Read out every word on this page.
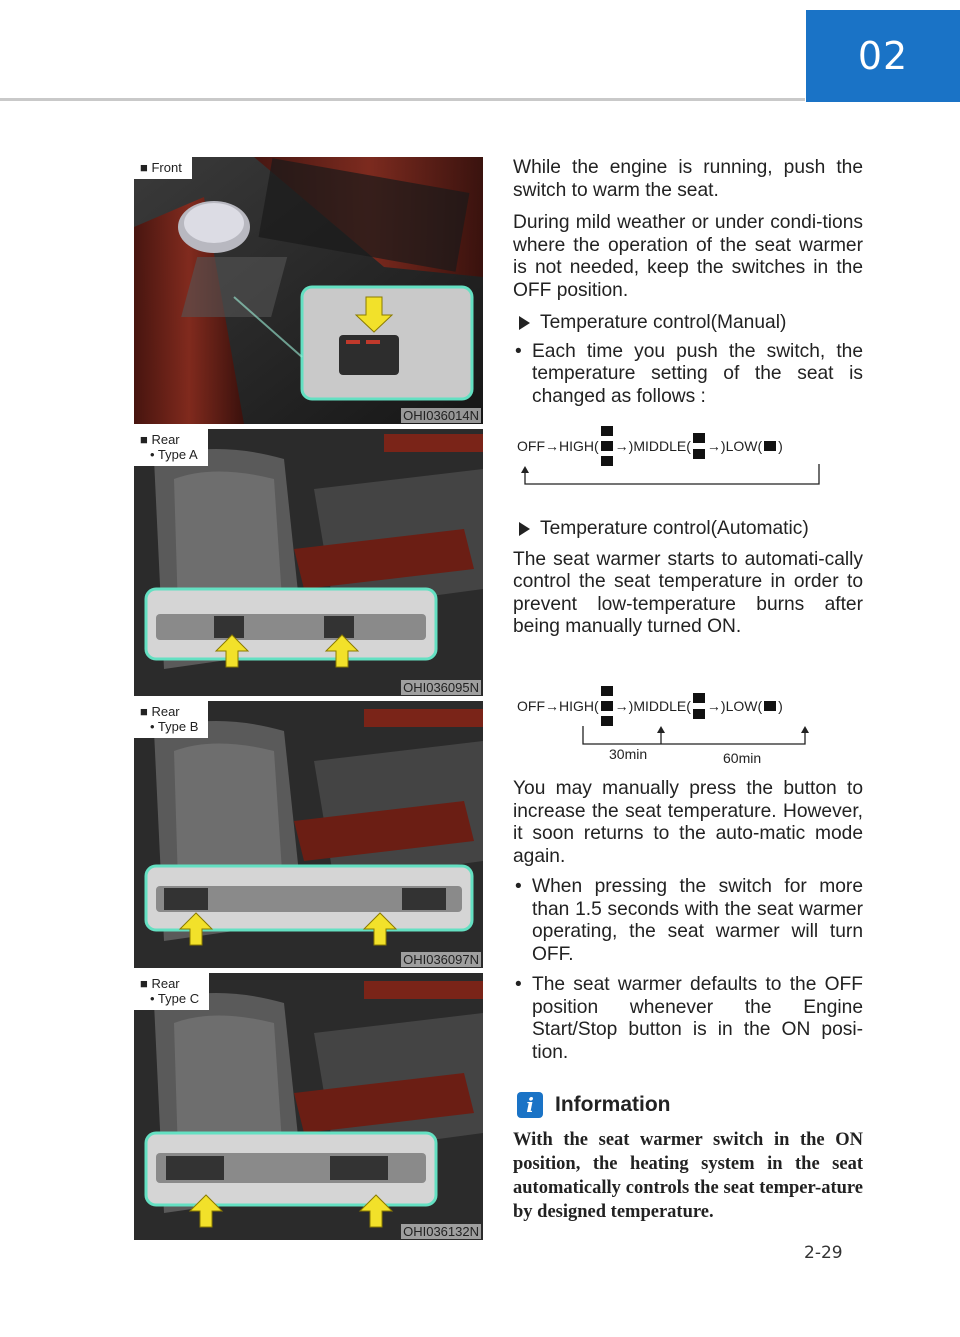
02
■ Front
OHI036014N
■ Rear
• Type A
OHI036095N
■ Rear
• Type B
OHI036097N
■ Rear
• Type C
OHI036132N

While the engine is running, push the switch to warm the seat.

During mild weather or under condi-tions where the operation of the seat warmer is not needed, keep the switches in the OFF position.

Temperature control(Manual)
• Each time you push the switch, the temperature setting of the seat is changed as follows :
OFF → HIGH( → )MIDDLE( → )LOW( )
Temperature control(Automatic)

The seat warmer starts to automati-cally control the seat temperature in order to prevent low-temperature burns after being manually turned ON.

OFF → HIGH( → )MIDDLE( → )LOW( )
30min	60min

You may manually press the button to increase the seat temperature. However, it soon returns to the auto-matic mode again.

• When pressing the switch for more than 1.5 seconds with the seat warmer operating, the seat warmer will turn OFF.
• The seat warmer defaults to the OFF position whenever the Engine Start/Stop button is in the ON posi-tion.
i	Information
With the seat warmer switch in the ON position, the heating system in the seat automatically controls the seat temper-ature by designed temperature.
2-29
